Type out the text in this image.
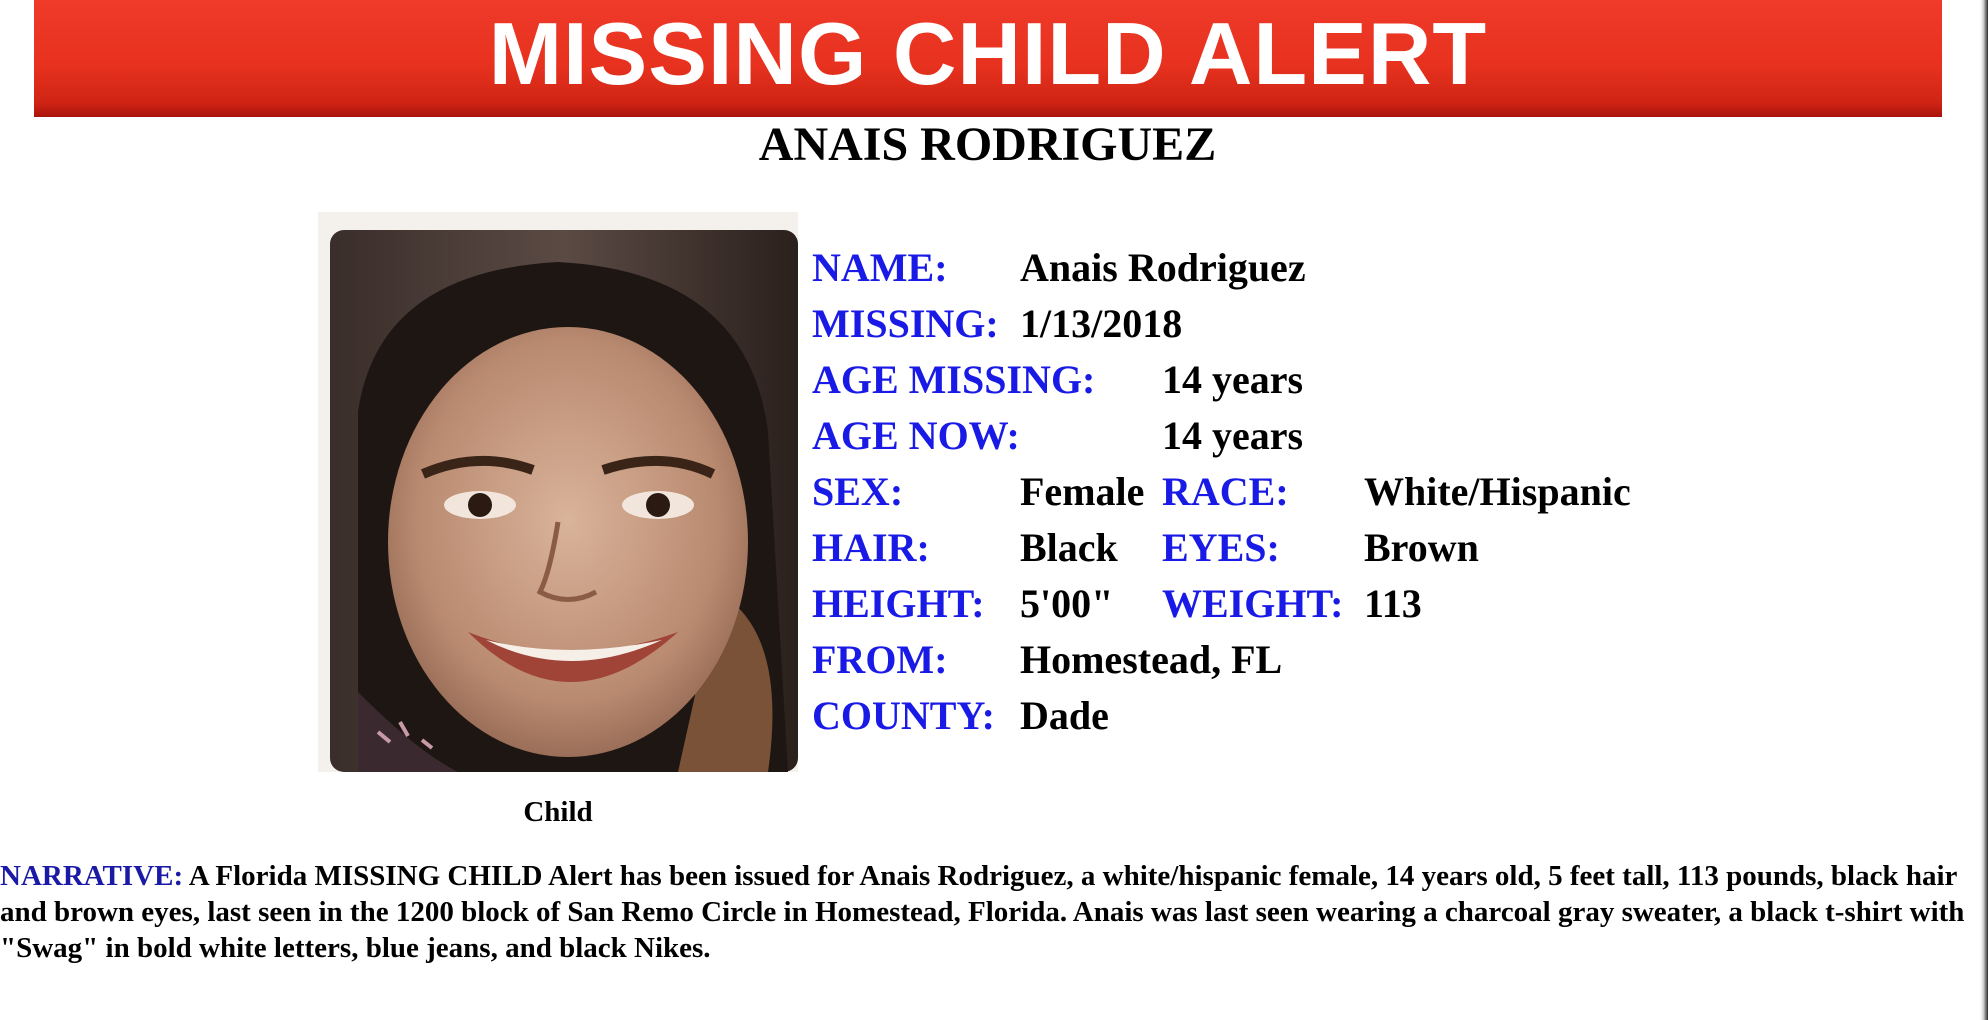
MISSING CHILD ALERT
ANAIS RODRIGUEZ
Child
NAME: Anais Rodriguez
MISSING: 1/13/2018
AGE MISSING: 14 years
AGE NOW:	14 years
SEX:	Female RACE: White/Hispanic
HAIR: Black EYES: Brown
HEIGHT: 5'00" WEIGHT: 113
FROM: Homestead, FL
COUNTY: Dade
NARRATIVE: A Florida MISSING CHILD Alert has been issued for Anais Rodriguez, a white/hispanic female, 14 years old, 5 feet tall, 113 pounds, black hair and brown eyes, last seen in the 1200 block of San Remo Circle in Homestead, Florida. Anais was last seen wearing a charcoal gray sweater, a black t-shirt with "Swag" in bold white letters, blue jeans, and black Nikes.
